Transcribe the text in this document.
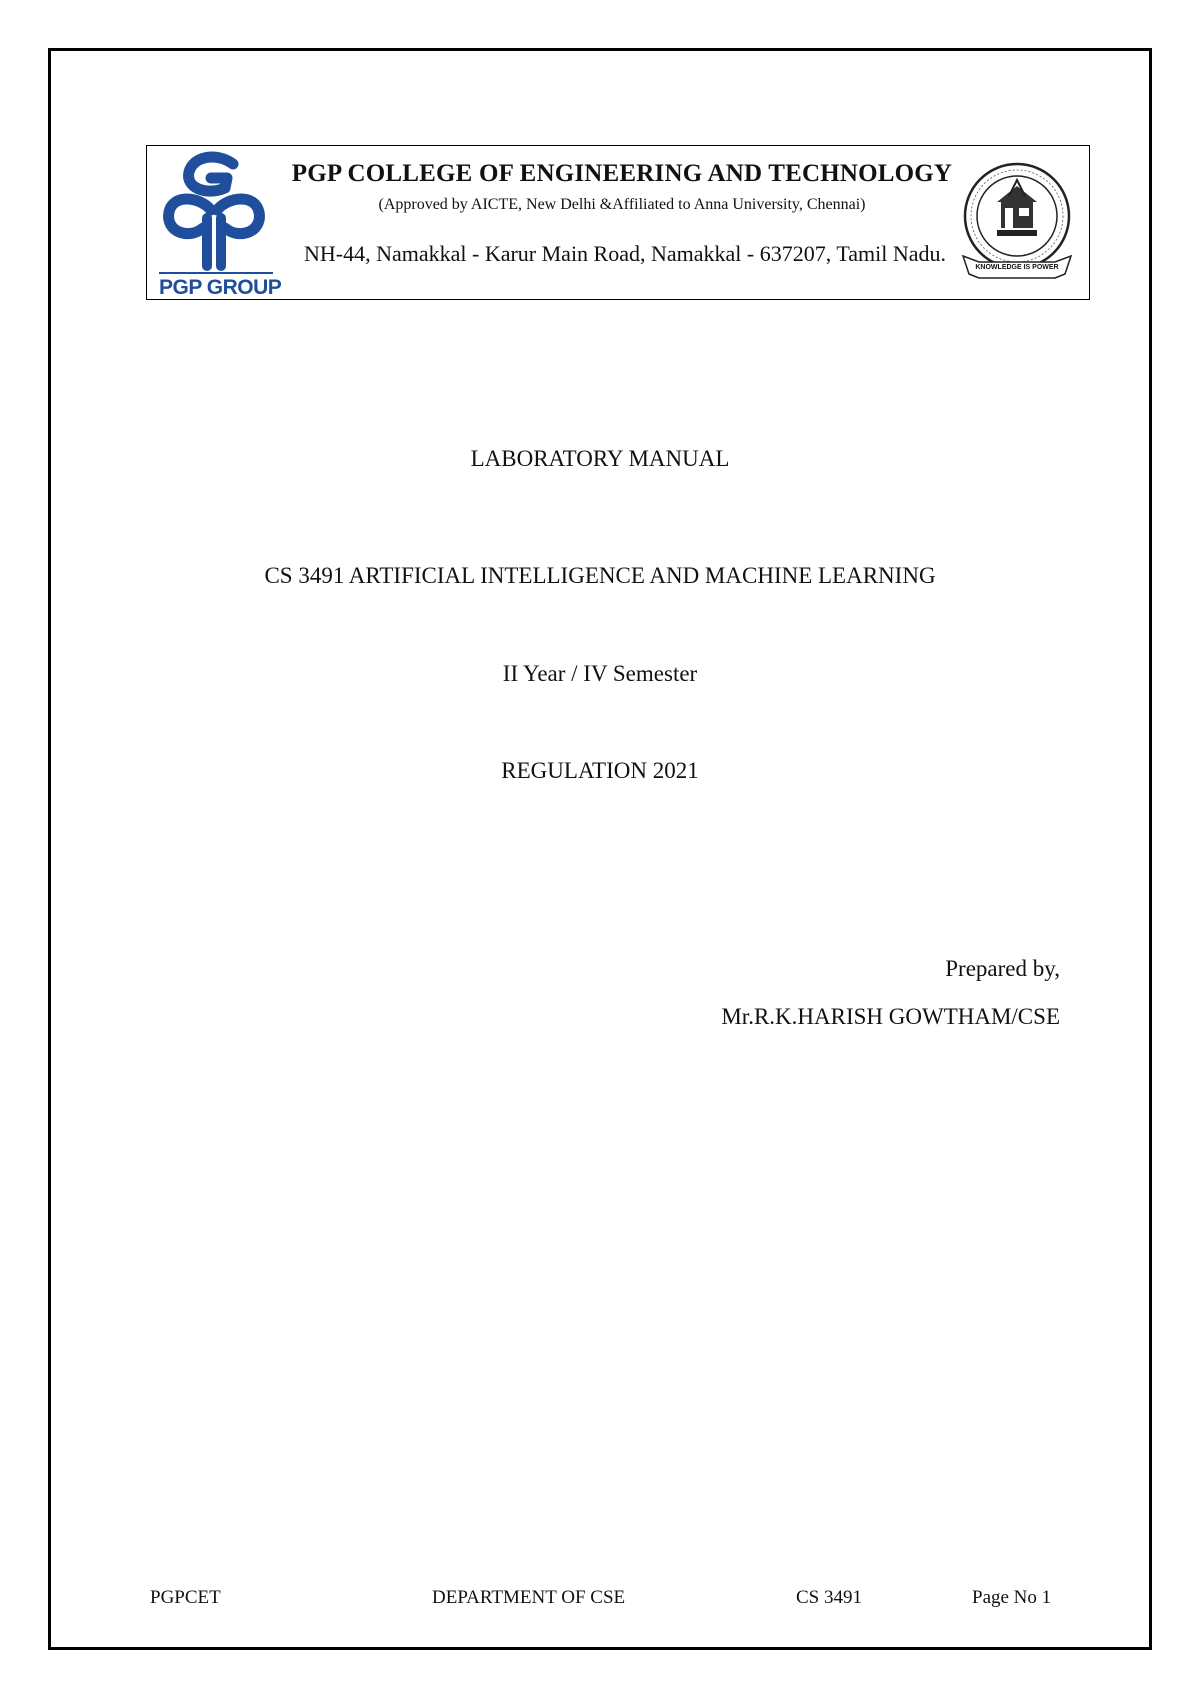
PGP GROUP
PGP COLLEGE OF ENGINEERING AND TECHNOLOGY
(Approved by AICTE, New Delhi &Affiliated to Anna University, Chennai)
NH-44, Namakkal - Karur Main Road, Namakkal - 637207, Tamil Nadu.
KNOWLEDGE IS POWER
LABORATORY MANUAL
CS 3491 ARTIFICIAL INTELLIGENCE AND MACHINE LEARNING
II Year / IV Semester
REGULATION 2021
Prepared by,
Mr.R.K.HARISH GOWTHAM/CSE
PGPCET	DEPARTMENT OF CSE	CS 3491	Page No 1
